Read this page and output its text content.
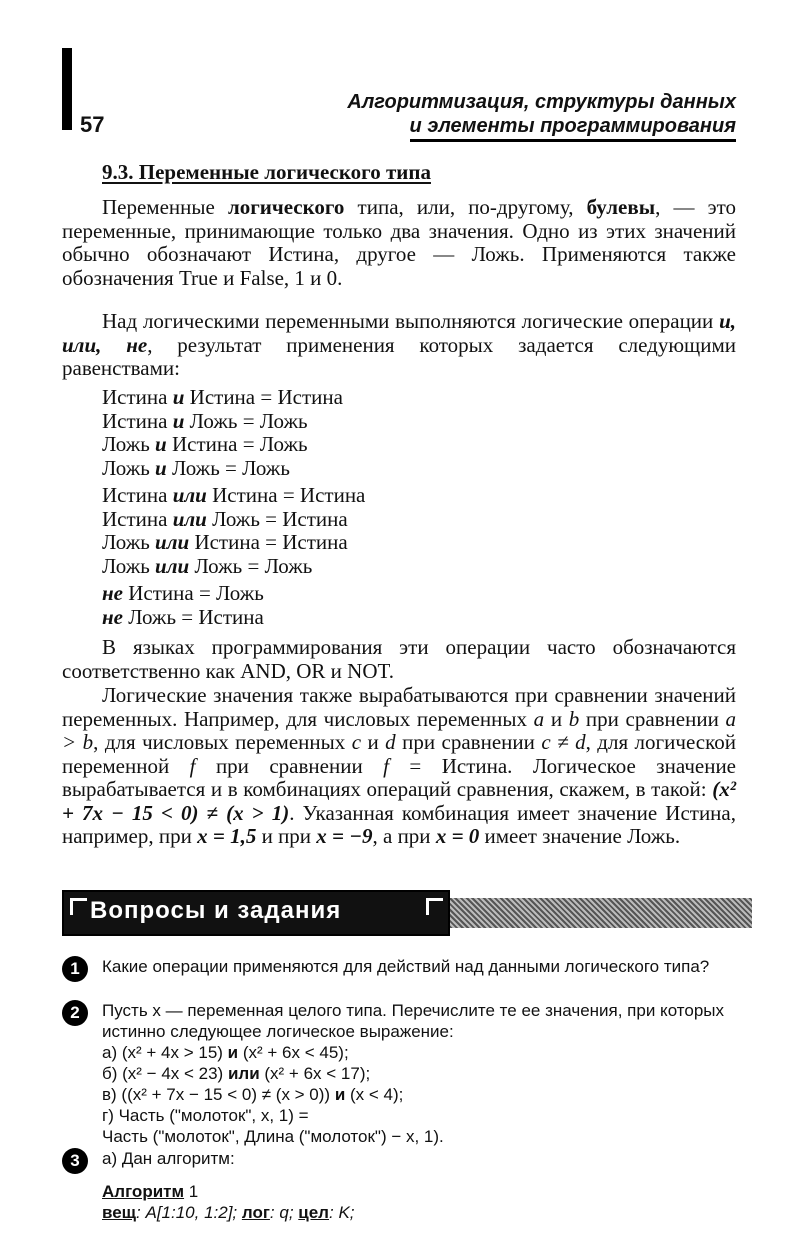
57
Алгоритмизация, структуры данных
и элементы программирования
9.3. Переменные логического типа

Переменные логического типа, или, по-другому, булевы, — это переменные, принимающие только два значения. Одно из этих значений обычно обозначают Истина, другое — Ложь. Применяются также обозначения True и False, 1 и 0.

Над логическими переменными выполняются логические операции и, или, не, результат применения которых задается следующими равенствами:

Истина и Истина = Истина
Истина и Ложь = Ложь
Ложь и Истина = Ложь
Ложь и Ложь = Ложь
Истина или Истина = Истина
Истина или Ложь = Истина
Ложь или Истина = Истина
Ложь или Ложь = Ложь
не Истина = Ложь
не Ложь = Истина

В языках программирования эти операции часто обозначаются соответственно как AND, OR и NOT.

Логические значения также вырабатываются при сравнении значений переменных. Например, для числовых переменных a и b при сравнении a > b, для числовых переменных c и d при сравнении c ≠ d, для логической переменной f при сравнении f = Истина. Логическое значение вырабатывается и в комбинациях операций сравнения, скажем, в такой: (x² + 7x − 15 < 0) ≠ (x > 1). Указанная комбинация имеет значение Истина, например, при x = 1,5 и при x = −9, а при x = 0 имеет значение Ложь.

Вопросы и задания
1	Какие операции применяются для действий над данными логического типа?
2	Пусть x — переменная целого типа. Перечислите те ее значения, при которых истинно следующее логическое выражение:
а) (x² + 4x > 15) и (x² + 6x < 45);
б) (x² − 4x < 23) или (x² + 6x < 17);
в) ((x² + 7x − 15 < 0) ≠ (x > 0)) и (x < 4);
г) Часть ("молоток", x, 1) =
Часть ("молоток", Длина ("молоток") − x, 1).
3	а) Дан алгоритм:
Алгоритм 1
вещ: A[1:10, 1:2]; лог: q; цел: K;
